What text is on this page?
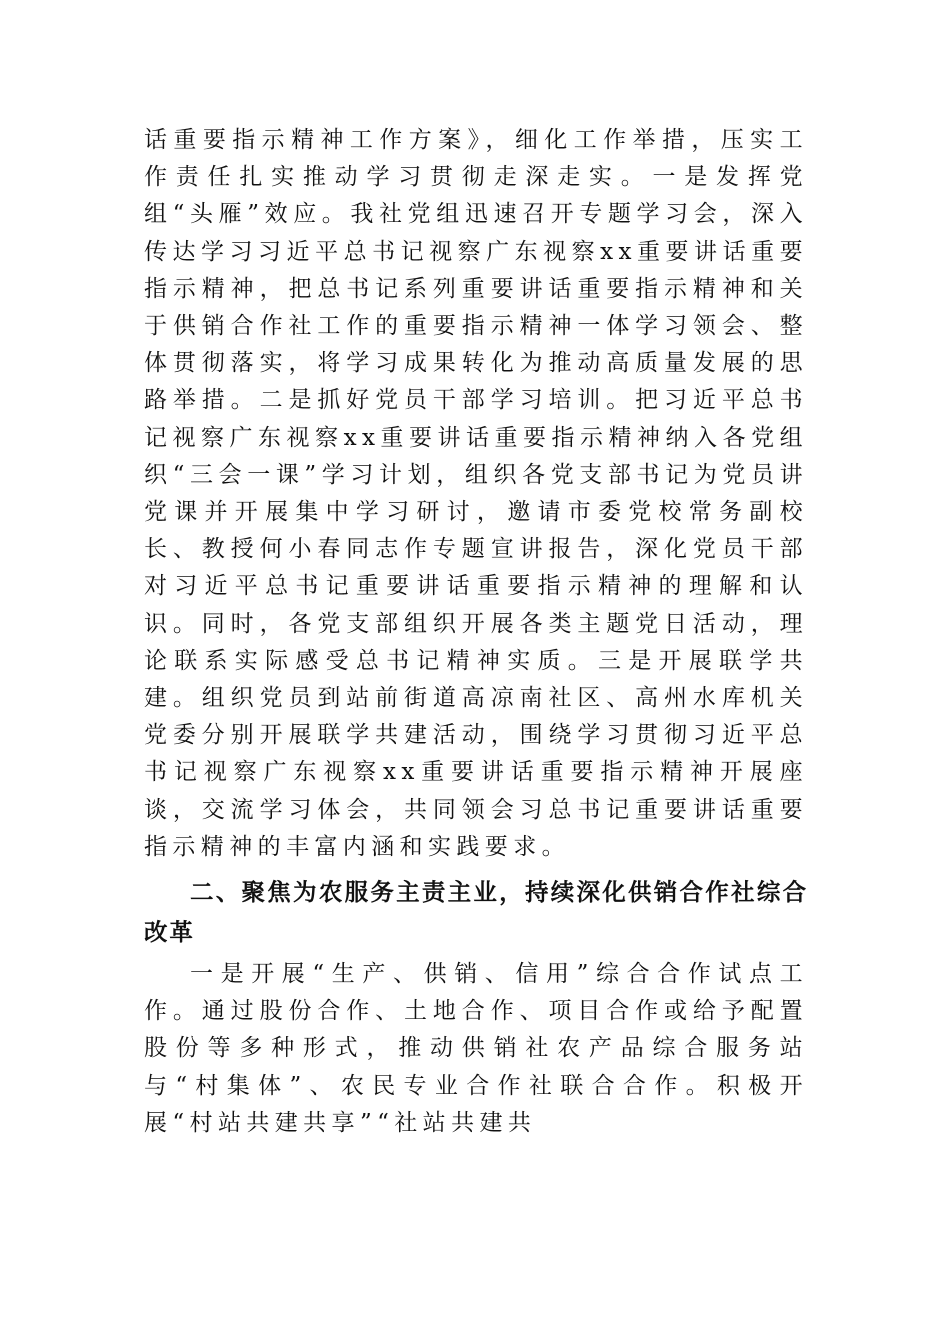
话重要指示精神工作方案》，细化工作举措，压实工作责任扎实推动学习贯彻走深走实。一是发挥党组“头雁”效应。我社党组迅速召开专题学习会，深入传达学习习近平总书记视察广东视察xx重要讲话重要指示精神，把总书记系列重要讲话重要指示精神和关于供销合作社工作的重要指示精神一体学习领会、整体贯彻落实，将学习成果转化为推动高质量发展的思路举措。二是抓好党员干部学习培训。把习近平总书记视察广东视察xx重要讲话重要指示精神纳入各党组织“三会一课”学习计划，组织各党支部书记为党员讲党课并开展集中学习研讨，邀请市委党校常务副校长、教授何小春同志作专题宣讲报告，深化党员干部对习近平总书记重要讲话重要指示精神的理解和认识。同时，各党支部组织开展各类主题党日活动，理论联系实际感受总书记精神实质。三是开展联学共建。组织党员到站前街道高凉南社区、高州水库机关党委分别开展联学共建活动，围绕学习贯彻习近平总书记视察广东视察xx重要讲话重要指示精神开展座谈，交流学习体会，共同领会习总书记重要讲话重要指示精神的丰富内涵和实践要求。

二、聚焦为农服务主责主业，持续深化供销合作社综合改革

一是开展“生产、供销、信用”综合合作试点工作。通过股份合作、土地合作、项目合作或给予配置股份等多种形式，推动供销社农产品综合服务站与“村集体”、农民专业合作社联合合作。积极开展“村站共建共享”“社站共建共
